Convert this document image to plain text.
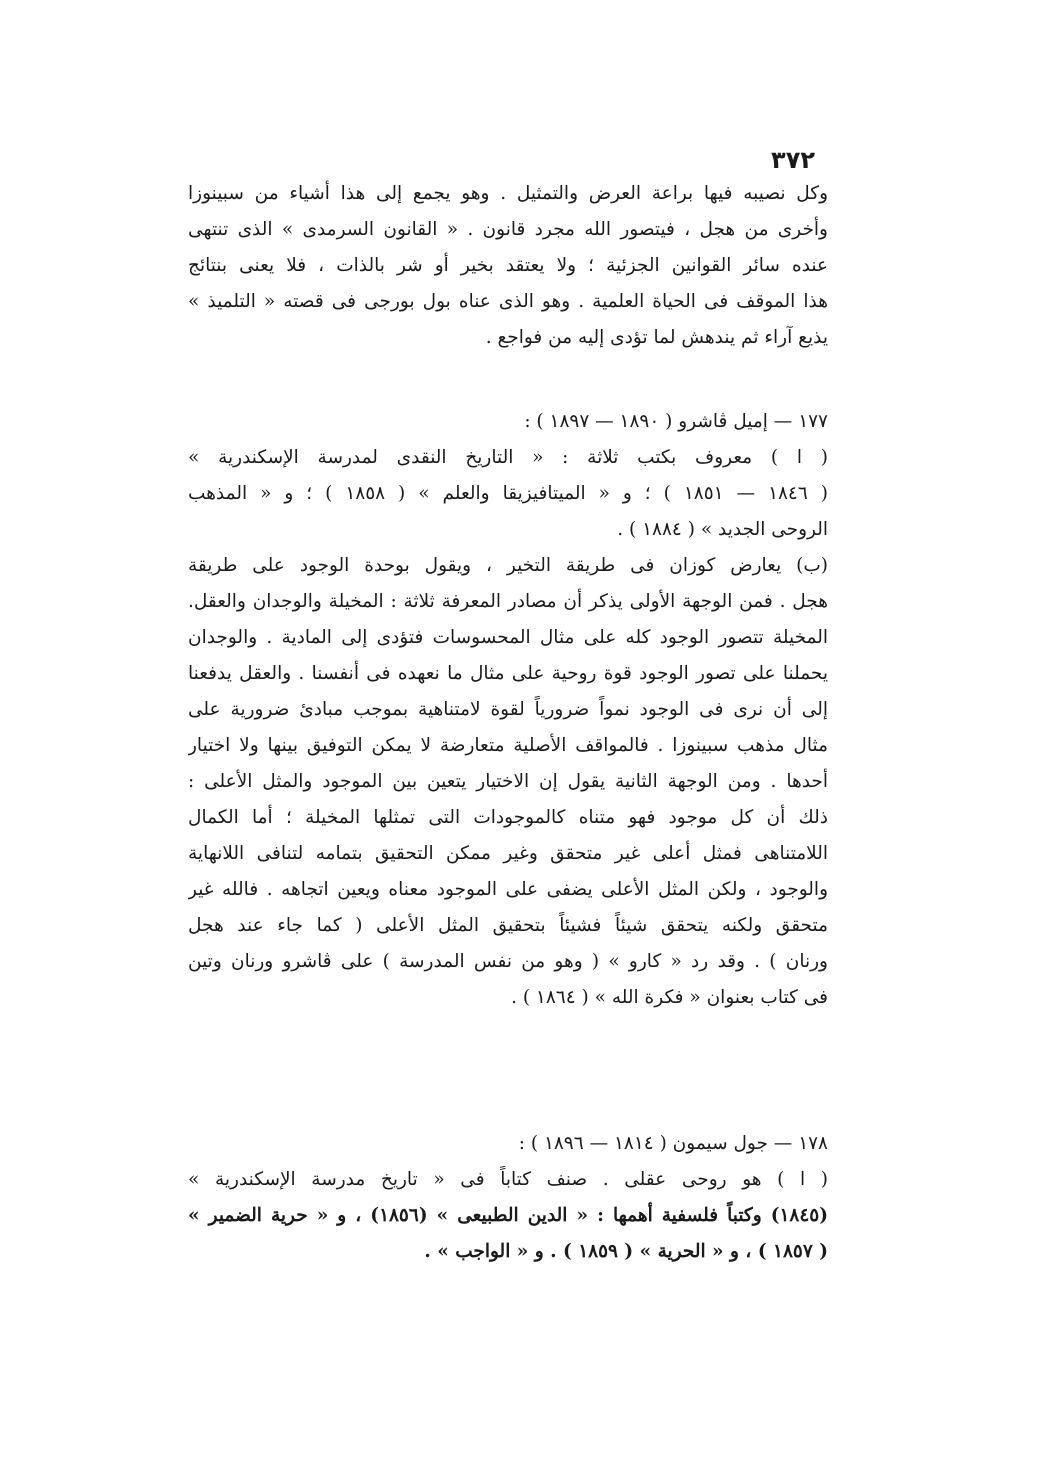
٣٧٢
وكل نصيبه فيها براعة العرض والتمثيل . وهو يجمع إلى هذا أشياء من سبينوزا
وأخرى من هجل ، فيتصور الله مجرد قانون . « القانون السرمدى » الذى تنتهى
عنده سائر القوانين الجزئية ؛ ولا يعتقد بخير أو شر بالذات ، فلا يعنى بنتائج
هذا الموقف فى الحياة العلمية . وهو الذى عناه بول بورجى فى قصته « التلميذ »
يذيع آراء ثم يندهش لما تؤدى إليه من فواجع .
١٧٧ — إميل ڤاشرو ( ١٨٩٠ — ١٨٩٧ ) :
( ا ) معروف بكتب ثلاثة : « التاريخ النقدى لمدرسة الإسكندرية »
( ١٨٤٦ — ١٨٥١ ) ؛ و « الميتافيزيقا والعلم » ( ١٨٥٨ ) ؛ و « المذهب
الروحى الجديد » ( ١٨٨٤ ) .
(ب) يعارض كوزان فى طريقة التخير ، ويقول بوحدة الوجود على طريقة
هجل . فمن الوجهة الأولى يذكر أن مصادر المعرفة ثلاثة : المخيلة والوجدان والعقل.
المخيلة تتصور الوجود كله على مثال المحسوسات فتؤدى إلى المادية . والوجدان
يحملنا على تصور الوجود قوة روحية على مثال ما نعهده فى أنفسنا . والعقل يدفعنا
إلى أن نرى فى الوجود نمواً ضرورياً لقوة لامتناهية بموجب مبادئ ضرورية على
مثال مذهب سبينوزا . فالمواقف الأصلية متعارضة لا يمكن التوفيق بينها ولا اختيار
أحدها . ومن الوجهة الثانية يقول إن الاختيار يتعين بين الموجود والمثل الأعلى :
ذلك أن كل موجود فهو متناه كالموجودات التى تمثلها المخيلة ؛ أما الكمال
اللامتناهى فمثل أعلى غير متحقق وغير ممكن التحقيق بتمامه لتنافى اللانهاية
والوجود ، ولكن المثل الأعلى يضفى على الموجود معناه ويعين اتجاهه . فالله غير
متحقق ولكنه يتحقق شيئاً فشيئاً بتحقيق المثل الأعلى ( كما جاء عند هجل
ورنان ) . وقد رد « كارو » ( وهو من نفس المدرسة ) على ڤاشرو ورنان وتين
فى كتاب بعنوان « فكرة الله » ( ١٨٦٤ ) .
١٧٨ — جول سيمون ( ١٨١٤ — ١٨٩٦ ) :
( ا ) هو روحى عقلى . صنف كتاباً فى « تاريخ مدرسة الإسكندرية »
(١٨٤٥) وكتباً فلسفية أهمها : « الدين الطبيعى » (١٨٥٦) ، و « حرية الضمير »
( ١٨٥٧ ) ، و « الحرية » ( ١٨٥٩ ) . و « الواجب » .
